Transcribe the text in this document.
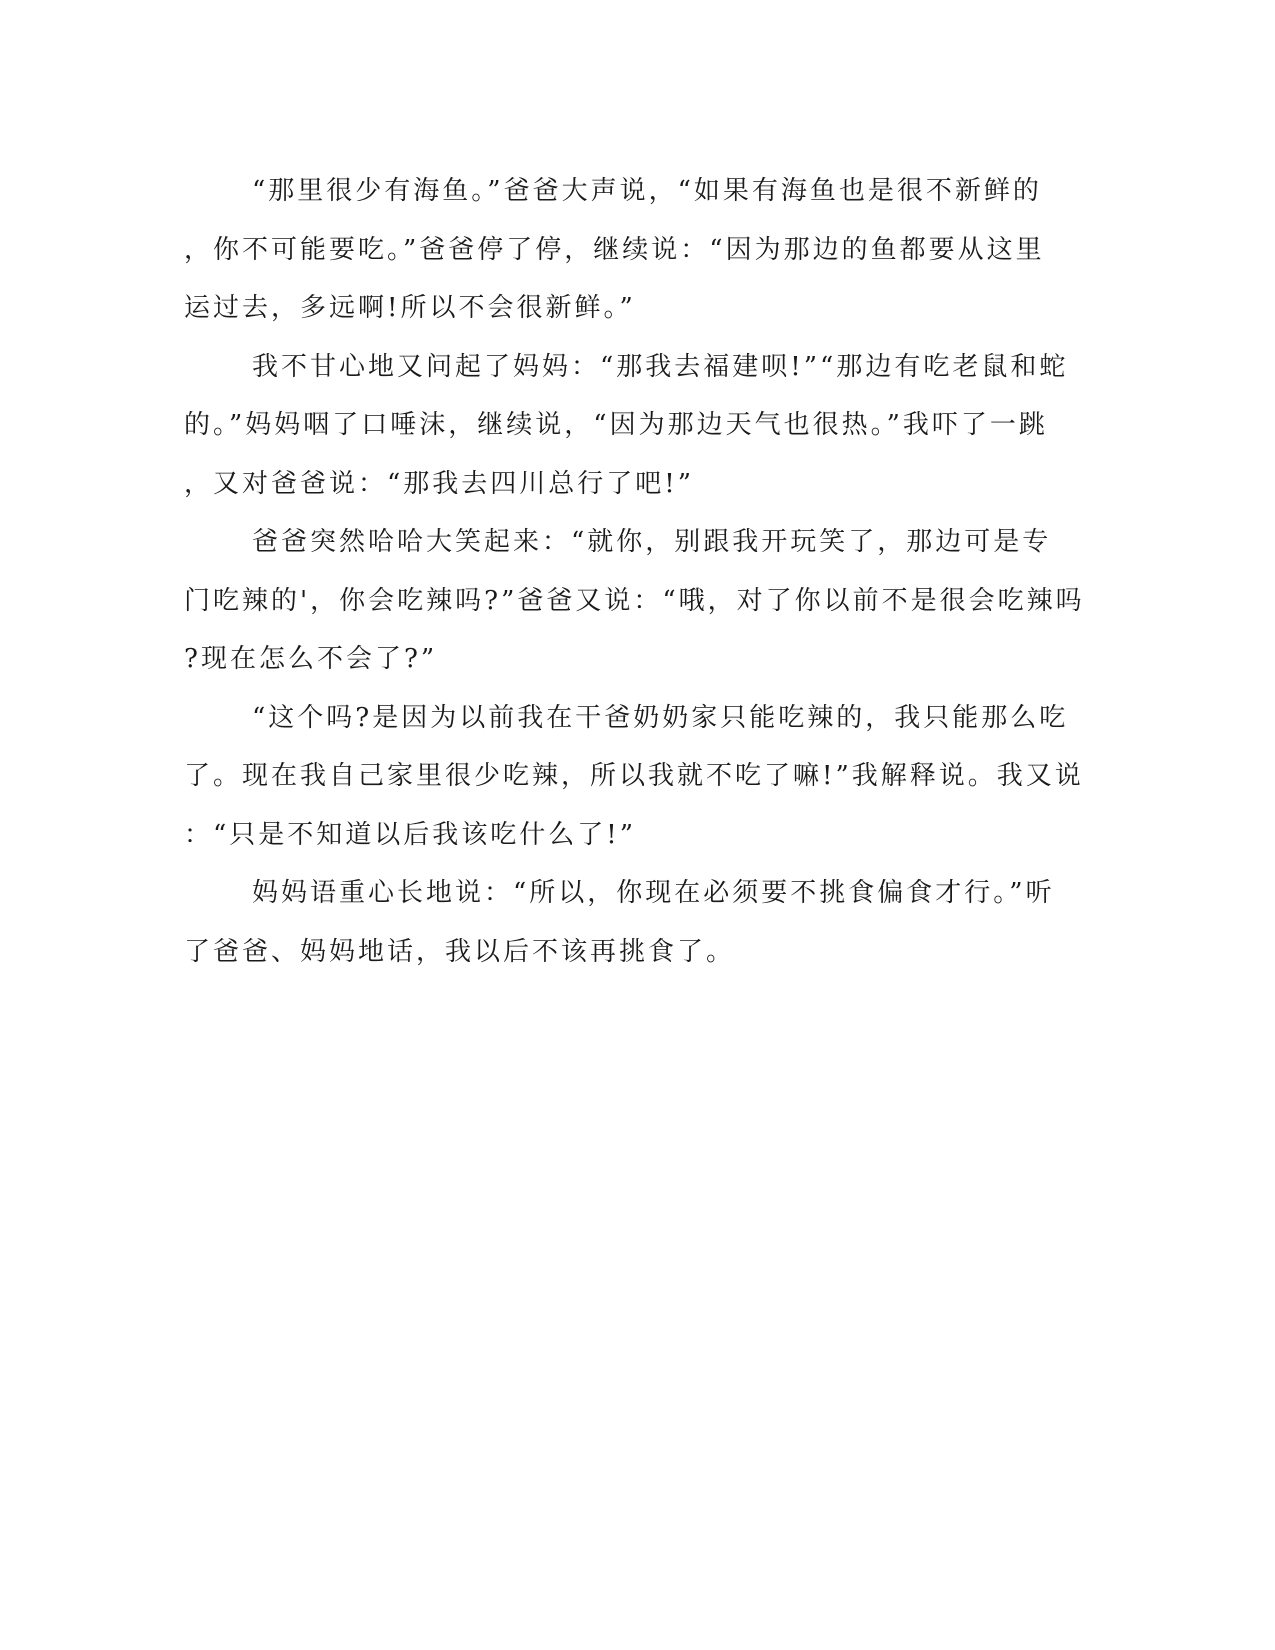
“那里很少有海鱼。”爸爸大声说，“如果有海鱼也是很不新鲜的
，你不可能要吃。”爸爸停了停，继续说：“因为那边的鱼都要从这里
运过去，多远啊!所以不会很新鲜。”
我不甘心地又问起了妈妈：“那我去福建呗!”“那边有吃老鼠和蛇
的。”妈妈咽了口唾沫，继续说，“因为那边天气也很热。”我吓了一跳
，又对爸爸说：“那我去四川总行了吧!”
爸爸突然哈哈大笑起来：“就你，别跟我开玩笑了，那边可是专
门吃辣的'，你会吃辣吗?”爸爸又说：“哦，对了你以前不是很会吃辣吗
?现在怎么不会了?”
“这个吗?是因为以前我在干爸奶奶家只能吃辣的，我只能那么吃
了。现在我自己家里很少吃辣，所以我就不吃了嘛!”我解释说。我又说
：“只是不知道以后我该吃什么了!”
妈妈语重心长地说：“所以，你现在必须要不挑食偏食才行。”听
了爸爸、妈妈地话，我以后不该再挑食了。
